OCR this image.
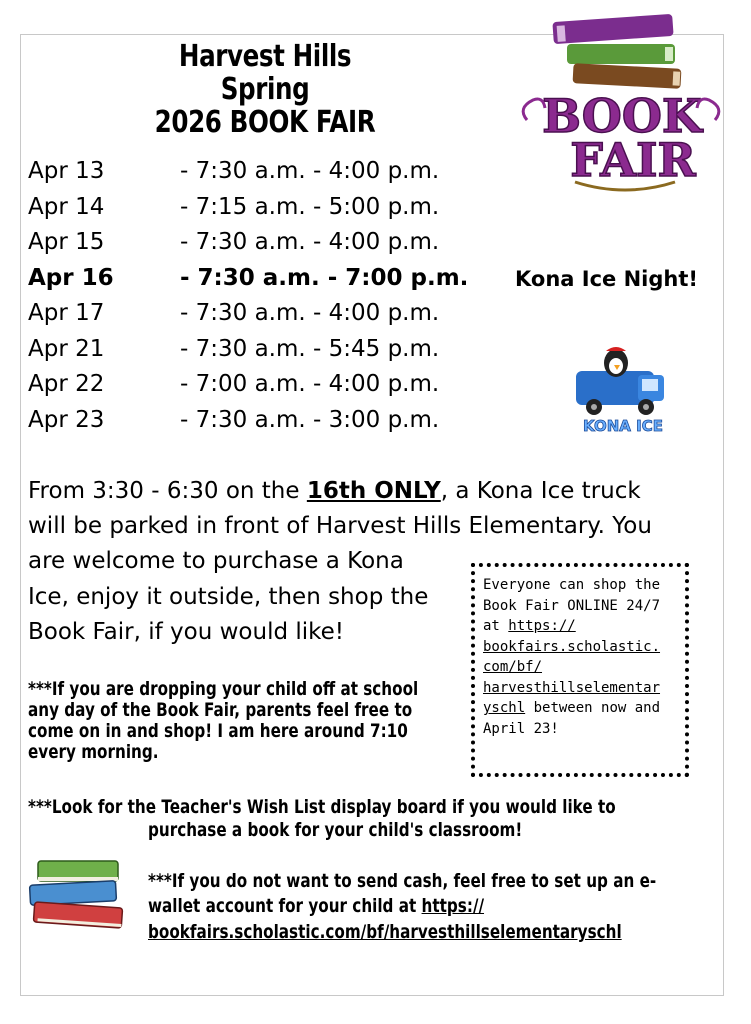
Harvest Hills
Spring
2026 BOOK FAIR	BOOK
FAIR
Apr 13	- 7:30 a.m. - 4:00 p.m.
Apr 14	- 7:15 a.m. - 5:00 p.m.
Apr 15	- 7:30 a.m. - 4:00 p.m.
Apr 16	- 7:30 a.m. - 7:00 p.m. Kona Ice Night!
Apr 17	- 7:30 a.m. - 4:00 p.m.
Apr 21	- 7:30 a.m. - 5:45 p.m.
Apr 22	- 7:00 a.m. - 4:00 p.m.
Apr 23	- 7:30 a.m. - 3:00 p.m.	KONA ICE
From 3:30 - 6:30 on the 16th ONLY, a Kona Ice truck
will be parked in front of Harvest Hills Elementary. You
are welcome to purchase a Kona
Ice, enjoy it outside, then shop the
Book Fair, if you would like!
***If you are dropping your child off at school
any day of the Book Fair, parents feel free to
come on in and shop! I am here around 7:10
every morning.
Everyone can shop the
Book Fair ONLINE 24/7
at https://
bookfairs.scholastic.
com/bf/
harvesthillselementar
yschl between now and
April 23!
***Look for the Teacher's Wish List display board if you would like to
purchase a book for your child's classroom!
***If you do not want to send cash, feel free to set up an e-
wallet account for your child at https://
bookfairs.scholastic.com/bf/harvesthillselementaryschl
